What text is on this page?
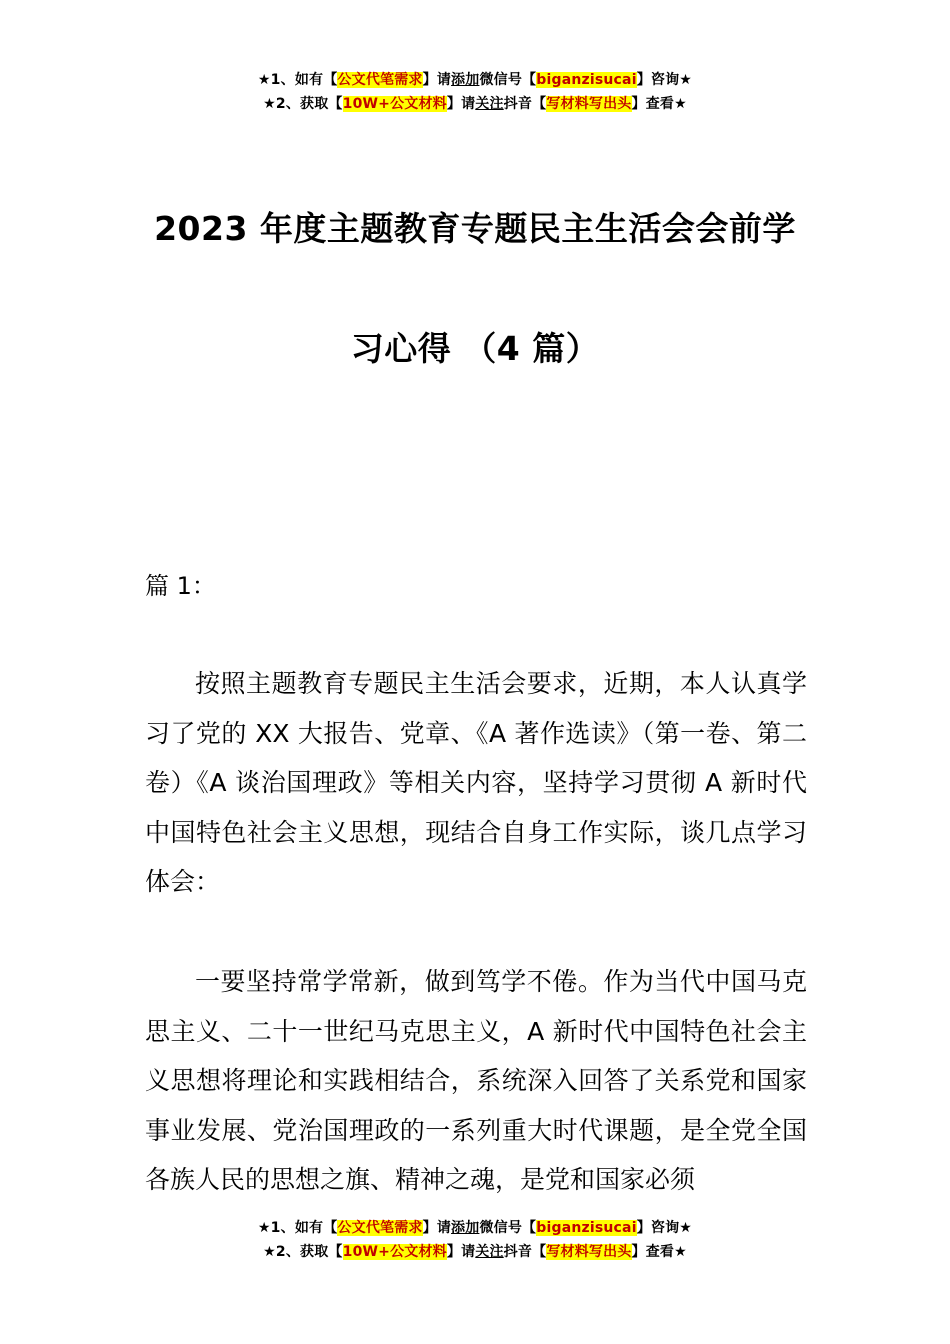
★1、如有【公文代笔需求】请添加微信号【biganzisucai】咨询★
★2、获取【10W+公文材料】请关注抖音【写材料写出头】查看★
2023 年度主题教育专题民主生活会会前学
习心得 （4 篇）
篇 1：
按照主题教育专题民主生活会要求，近期，本人认真学习了党的 XX 大报告、党章、《A 著作选读》（第一卷、第二卷）《A 谈治国理政》等相关内容，坚持学习贯彻 A 新时代中国特色社会主义思想，现结合自身工作实际，谈几点学习体会：
一要坚持常学常新，做到笃学不倦。作为当代中国马克思主义、二十一世纪马克思主义，A 新时代中国特色社会主义思想将理论和实践相结合，系统深入回答了关系党和国家事业发展、党治国理政的一系列重大时代课题，是全党全国各族人民的思想之旗、精神之魂，是党和国家必须
★1、如有【公文代笔需求】请添加微信号【biganzisucai】咨询★
★2、获取【10W+公文材料】请关注抖音【写材料写出头】查看★
